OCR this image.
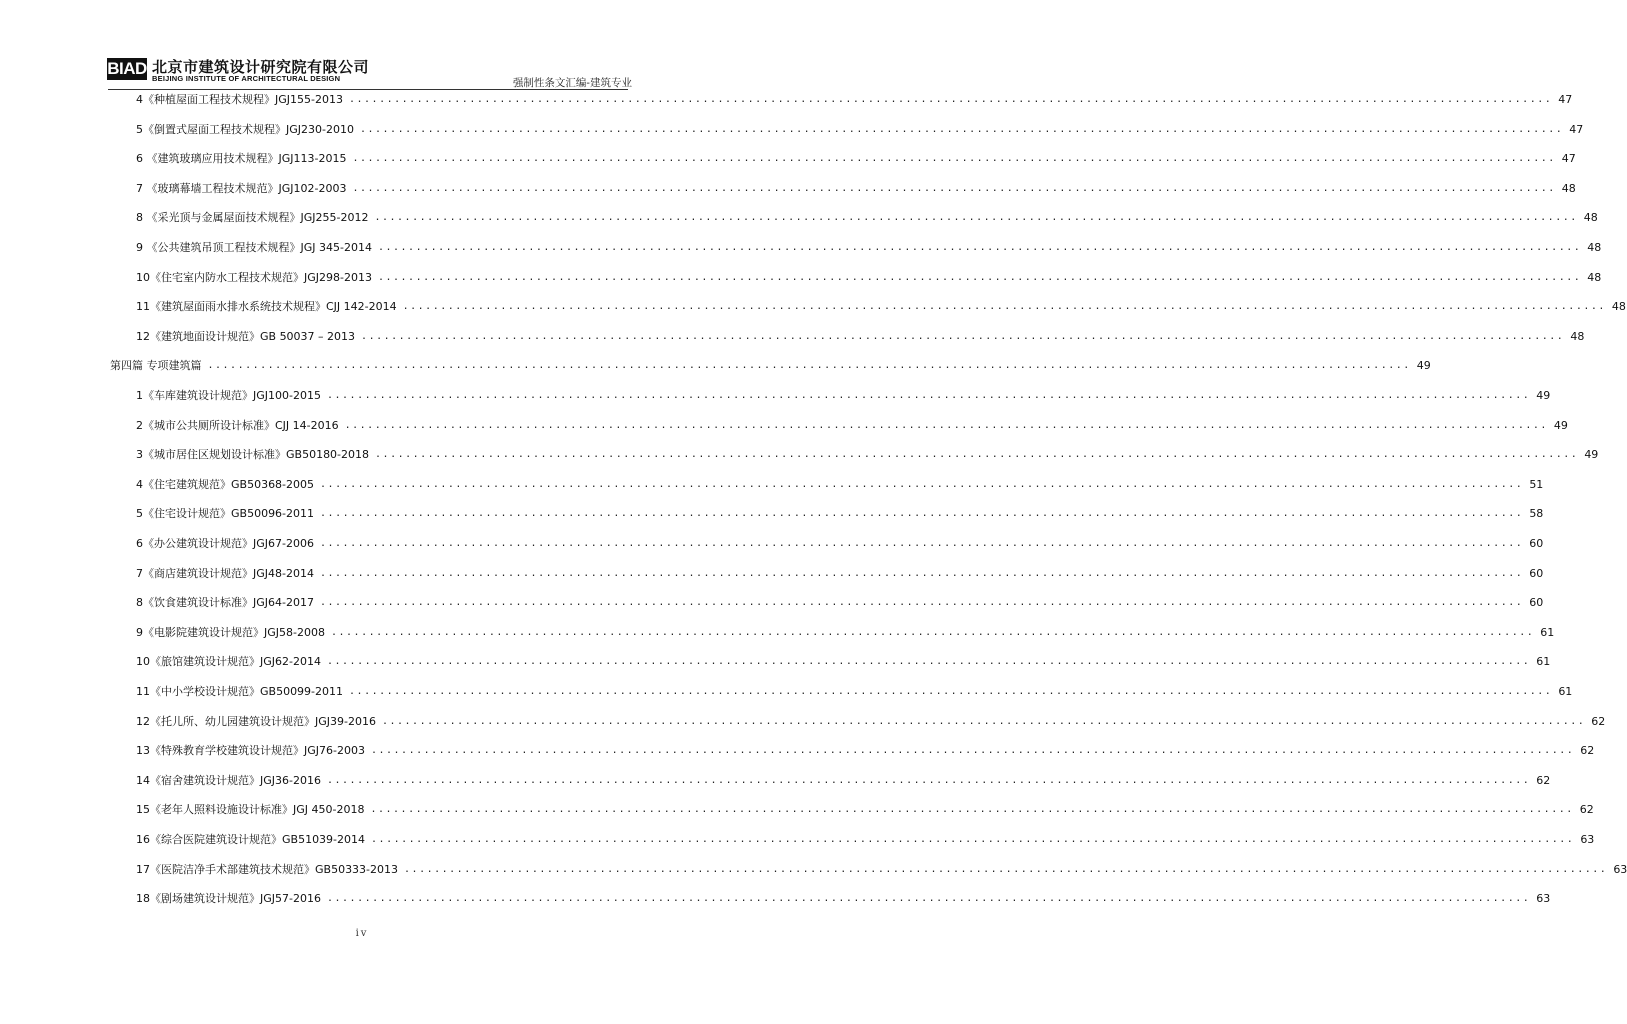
BIAD 北京市建筑设计研究院有限公司
BEIJING INSTITUTE OF ARCHITECTURAL DESIGN	强制性条文汇编-建筑专业
4《种植屋面工程技术规程》JGJ155-2013 ................................................................................................................................................................ 47
5《倒置式屋面工程技术规程》JGJ230-2010 ................................................................................................................................................................ 47
6 《建筑玻璃应用技术规程》JGJ113-2015 ................................................................................................................................................................ 47
7 《玻璃幕墙工程技术规范》JGJ102-2003 ................................................................................................................................................................ 48
8 《采光顶与金属屋面技术规程》JGJ255-2012 ................................................................................................................................................................ 48
9 《公共建筑吊顶工程技术规程》JGJ 345-2014 ................................................................................................................................................................ 48
10《住宅室内防水工程技术规范》JGJ298-2013 ................................................................................................................................................................ 48
11《建筑屋面雨水排水系统技术规程》CJJ 142-2014 ................................................................................................................................................................ 48
12《建筑地面设计规范》GB 50037 – 2013 ................................................................................................................................................................ 48
第四篇 专项建筑篇 ................................................................................................................................................................ 49
1《车库建筑设计规范》JGJ100-2015 ................................................................................................................................................................ 49
2《城市公共厕所设计标准》CJJ 14-2016 ................................................................................................................................................................ 49
3《城市居住区规划设计标准》GB50180-2018 ................................................................................................................................................................ 49
4《住宅建筑规范》GB50368-2005 ................................................................................................................................................................ 51
5《住宅设计规范》GB50096-2011 ................................................................................................................................................................ 58
6《办公建筑设计规范》JGJ67-2006 ................................................................................................................................................................ 60
7《商店建筑设计规范》JGJ48-2014 ................................................................................................................................................................ 60
8《饮食建筑设计标准》JGJ64-2017 ................................................................................................................................................................ 60
9《电影院建筑设计规范》JGJ58-2008 ................................................................................................................................................................ 61
10《旅馆建筑设计规范》JGJ62-2014 ................................................................................................................................................................ 61
11《中小学校设计规范》GB50099-2011 ................................................................................................................................................................ 61
12《托儿所、幼儿园建筑设计规范》JGJ39-2016 ................................................................................................................................................................ 62
13《特殊教育学校建筑设计规范》JGJ76-2003 ................................................................................................................................................................ 62
14《宿舍建筑设计规范》JGJ36-2016 ................................................................................................................................................................ 62
15《老年人照料设施设计标准》JGJ 450-2018 ................................................................................................................................................................ 62
16《综合医院建筑设计规范》GB51039-2014 ................................................................................................................................................................ 63
17《医院洁净手术部建筑技术规范》GB50333-2013 ................................................................................................................................................................ 63
18《剧场建筑设计规范》JGJ57-2016 ................................................................................................................................................................ 63
iv
